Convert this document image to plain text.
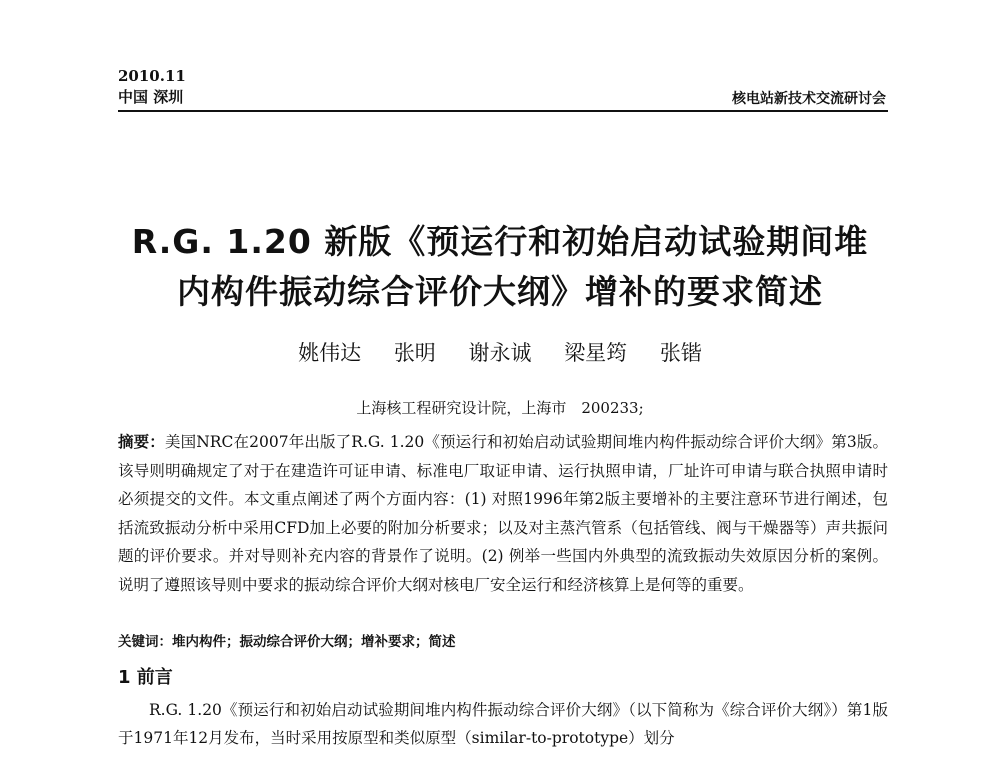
2010.11
中国 深圳	核电站新技术交流研讨会
R.G. 1.20 新版《预运行和初始启动试验期间堆
内构件振动综合评价大纲》增补的要求简述
姚伟达 张明 谢永诚 梁星筠 张锴
上海核工程研究设计院，上海市　200233;
摘要：美国NRC在2007年出版了R.G. 1.20《预运行和初始启动试验期间堆内构件振动综合评价大纲》第3版。该导则明确规定了对于在建造许可证申请、标准电厂取证申请、运行执照申请，厂址许可申请与联合执照申请时必须提交的文件。本文重点阐述了两个方面内容：(1) 对照1996年第2版主要增补的主要注意环节进行阐述，包括流致振动分析中采用CFD加上必要的附加分析要求；以及对主蒸汽管系（包括管线、阀与干燥器等）声共振问题的评价要求。并对导则补充内容的背景作了说明。(2) 例举一些国内外典型的流致振动失效原因分析的案例。说明了遵照该导则中要求的振动综合评价大纲对核电厂安全运行和经济核算上是何等的重要。
关键词：堆内构件；振动综合评价大纲；增补要求；简述
1 前言
R.G. 1.20《预运行和初始启动试验期间堆内构件振动综合评价大纲》（以下简称为《综合评价大纲》）第1版于1971年12月发布，当时采用按原型和类似原型（similar-to-prototype）划分
